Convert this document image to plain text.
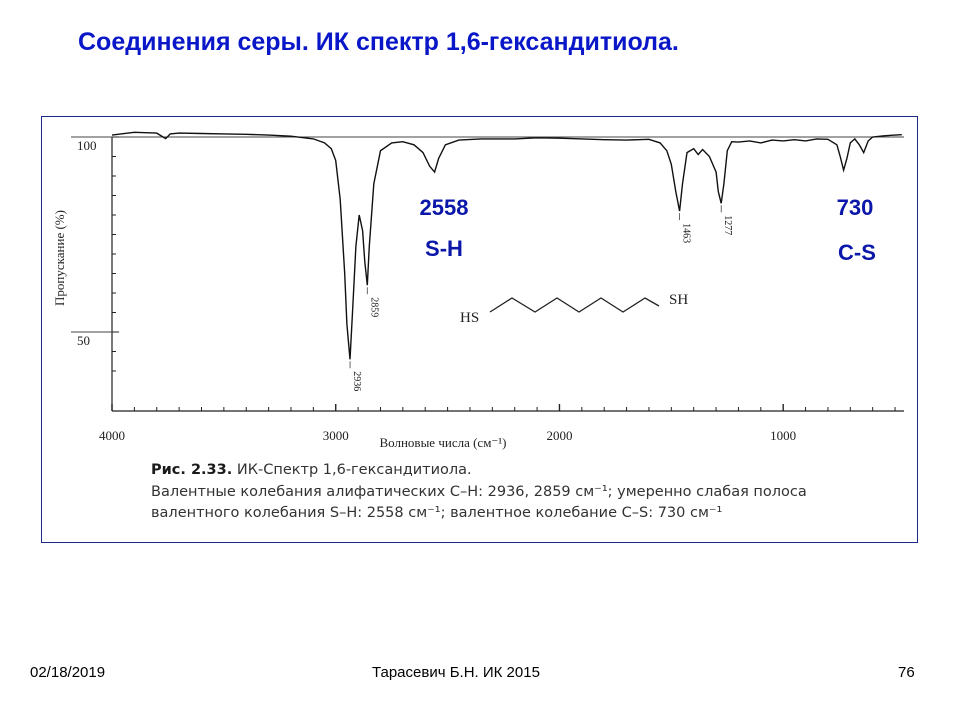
Соединения серы. ИК спектр 1,6-гександитиола.
4000	3000	2000	1000
100
50
2936
2859
1463	1277
Пропускание (%)
Волновые числа (см⁻¹)
2558
S-H
730
C-S
HS
SH
Рис. 2.33. ИК-Спектр 1,6-гександитиола.
Валентные колебания алифатических C–H: 2936, 2859 см⁻¹; умеренно слабая полоса
валентного колебания S–H: 2558 см⁻¹; валентное колебание C–S: 730 см⁻¹
02/18/2019	Тарасевич Б.Н. ИК 2015	76
